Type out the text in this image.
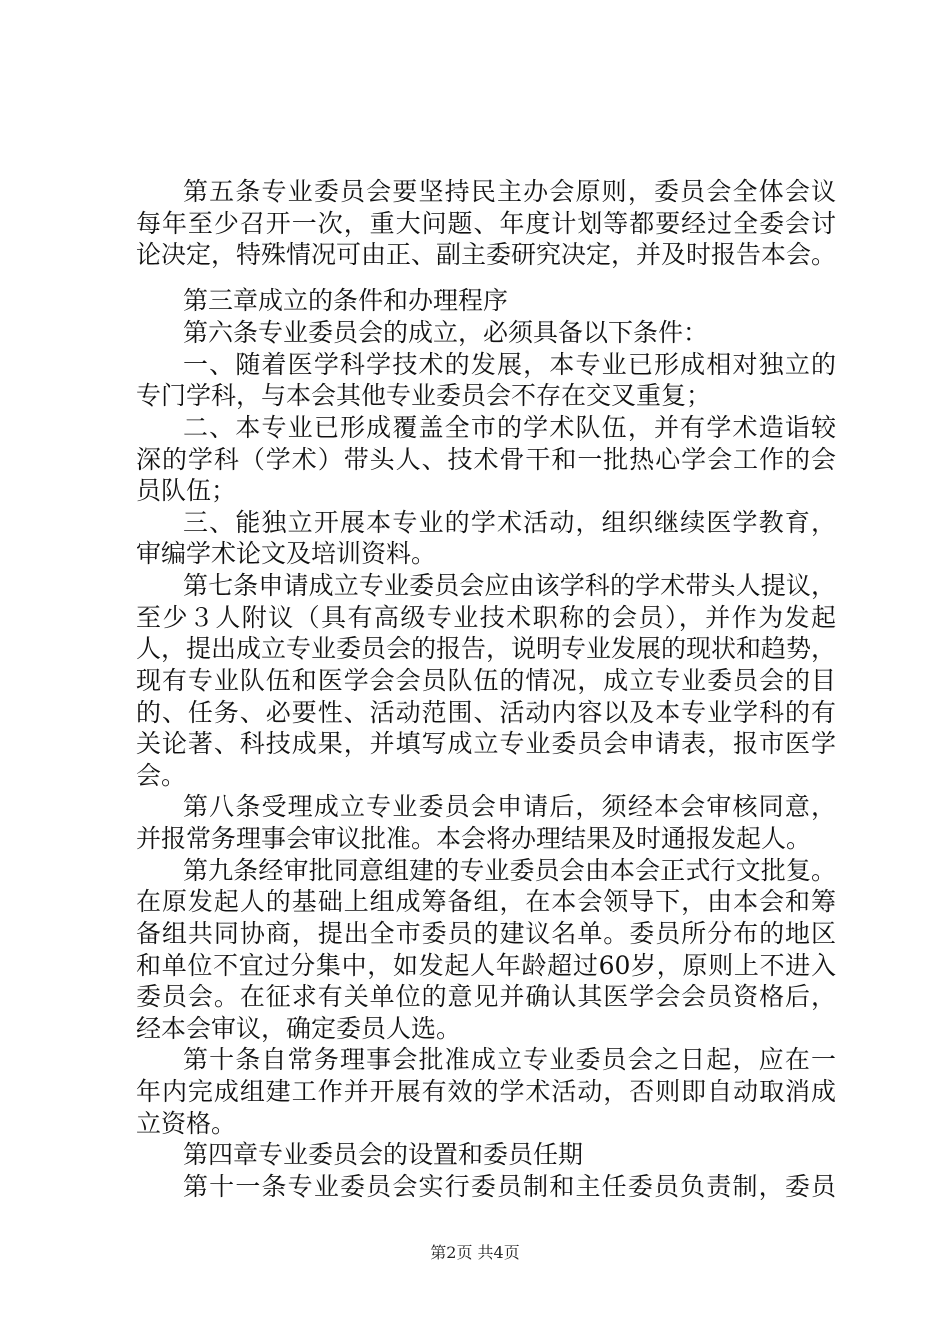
第五条专业委员会要坚持民主办会原则，委员会全体会议
每年至少召开一次，重大问题、年度计划等都要经过全委会讨
论决定，特殊情况可由正、副主委研究决定，并及时报告本会。
第三章成立的条件和办理程序
第六条专业委员会的成立，必须具备以下条件：
一、随着医学科学技术的发展，本专业已形成相对独立的
专门学科，与本会其他专业委员会不存在交叉重复；
二、本专业已形成覆盖全市的学术队伍，并有学术造诣较
深的学科（学术）带头人、技术骨干和一批热心学会工作的会
员队伍；
三、能独立开展本专业的学术活动，组织继续医学教育，
审编学术论文及培训资料。
第七条申请成立专业委员会应由该学科的学术带头人提议，
至少３人附议（具有高级专业技术职称的会员），并作为发起
人，提出成立专业委员会的报告，说明专业发展的现状和趋势，
现有专业队伍和医学会会员队伍的情况，成立专业委员会的目
的、任务、必要性、活动范围、活动内容以及本专业学科的有
关论著、科技成果，并填写成立专业委员会申请表，报市医学
会。
第八条受理成立专业委员会申请后，须经本会审核同意，
并报常务理事会审议批准。本会将办理结果及时通报发起人。
第九条经审批同意组建的专业委员会由本会正式行文批复。
在原发起人的基础上组成筹备组，在本会领导下，由本会和筹
备组共同协商，提出全市委员的建议名单。委员所分布的地区
和单位不宜过分集中，如发起人年龄超过60岁，原则上不进入
委员会。在征求有关单位的意见并确认其医学会会员资格后，
经本会审议，确定委员人选。
第十条自常务理事会批准成立专业委员会之日起，应在一
年内完成组建工作并开展有效的学术活动，否则即自动取消成
立资格。
第四章专业委员会的设置和委员任期
第十一条专业委员会实行委员制和主任委员负责制，委员
第2页 共4页
